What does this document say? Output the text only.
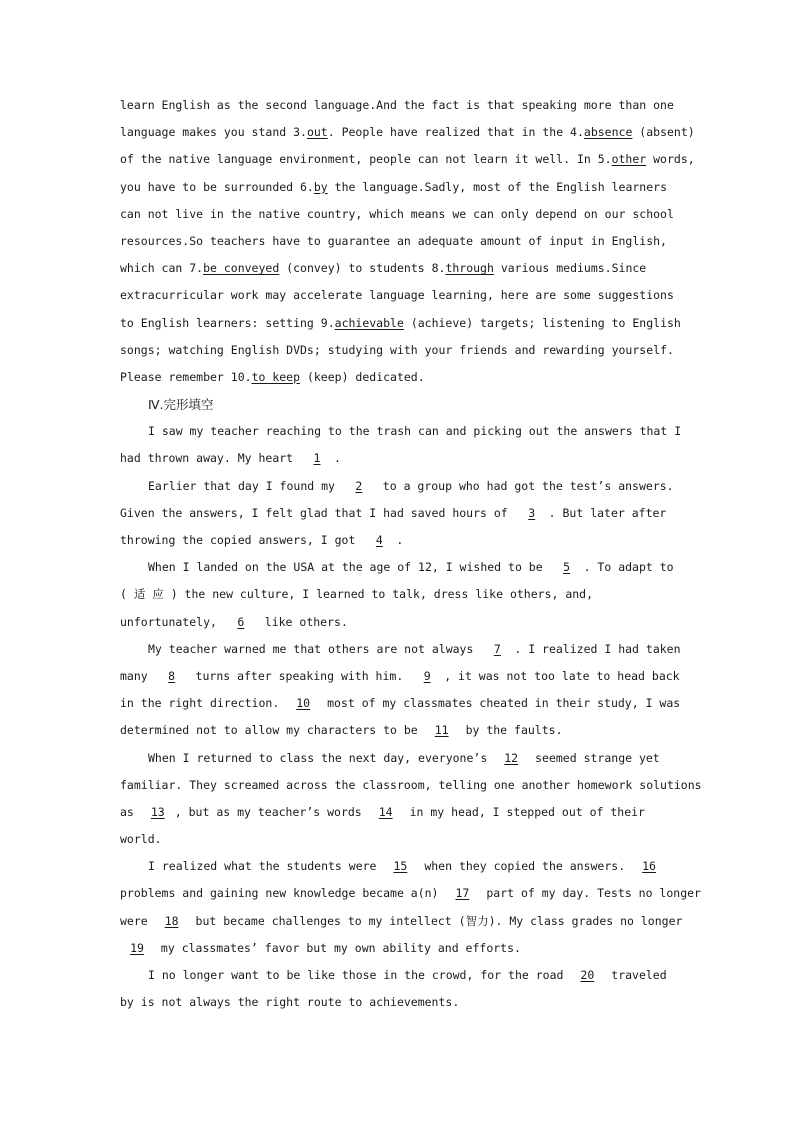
learn English as the second language.And the fact is that speaking more than one
language makes you stand 3.out. People have realized that in the 4.absence (absent)
of the native language environment, people can not learn it well. In 5.other words,
you have to be surrounded 6.by the language.Sadly, most of the English learners
can not live in the native country, which means we can only depend on our school
resources.So teachers have to guarantee an adequate amount of input in English,
which can 7.be conveyed (convey) to students 8.through various mediums.Since
extracurricular work may accelerate language learning, here are some suggestions
to English learners: setting 9.achievable (achieve) targets; listening to English
songs; watching English DVDs; studying with your friends and rewarding yourself.
Please remember 10.to keep (keep) dedicated.
Ⅳ.完形填空
I saw my teacher reaching to the trash can and picking out the answers that I
had thrown away. My heart 1 .
Earlier that day I found my 2 to a group who had got the test’s answers.
Given the answers, I felt glad that I had saved hours of 3 . But later after
throwing the copied answers, I got 4 .
When I landed on the USA at the age of 12, I wished to be 5 . To adapt to
( 适 应 ) the new culture, I learned to talk, dress like others, and,
unfortunately, 6 like others.
My teacher warned me that others are not always 7 . I realized I had taken
many 8 turns after speaking with him. 9 , it was not too late to head back
in the right direction. 10 most of my classmates cheated in their study, I was
determined not to allow my characters to be 11 by the faults.
When I returned to class the next day, everyone’s 12 seemed strange yet
familiar. They screamed across the classroom, telling one another homework solutions
as 13 , but as my teacher’s words 14 in my head, I stepped out of their
world.
I realized what the students were 15 when they copied the answers. 16
problems and gaining new knowledge became a(n) 17 part of my day. Tests no longer
were 18 but became challenges to my intellect (智力). My class grades no longer
19 my classmates’ favor but my own ability and efforts.
I no longer want to be like those in the crowd, for the road 20 traveled
by is not always the right route to achievements.
